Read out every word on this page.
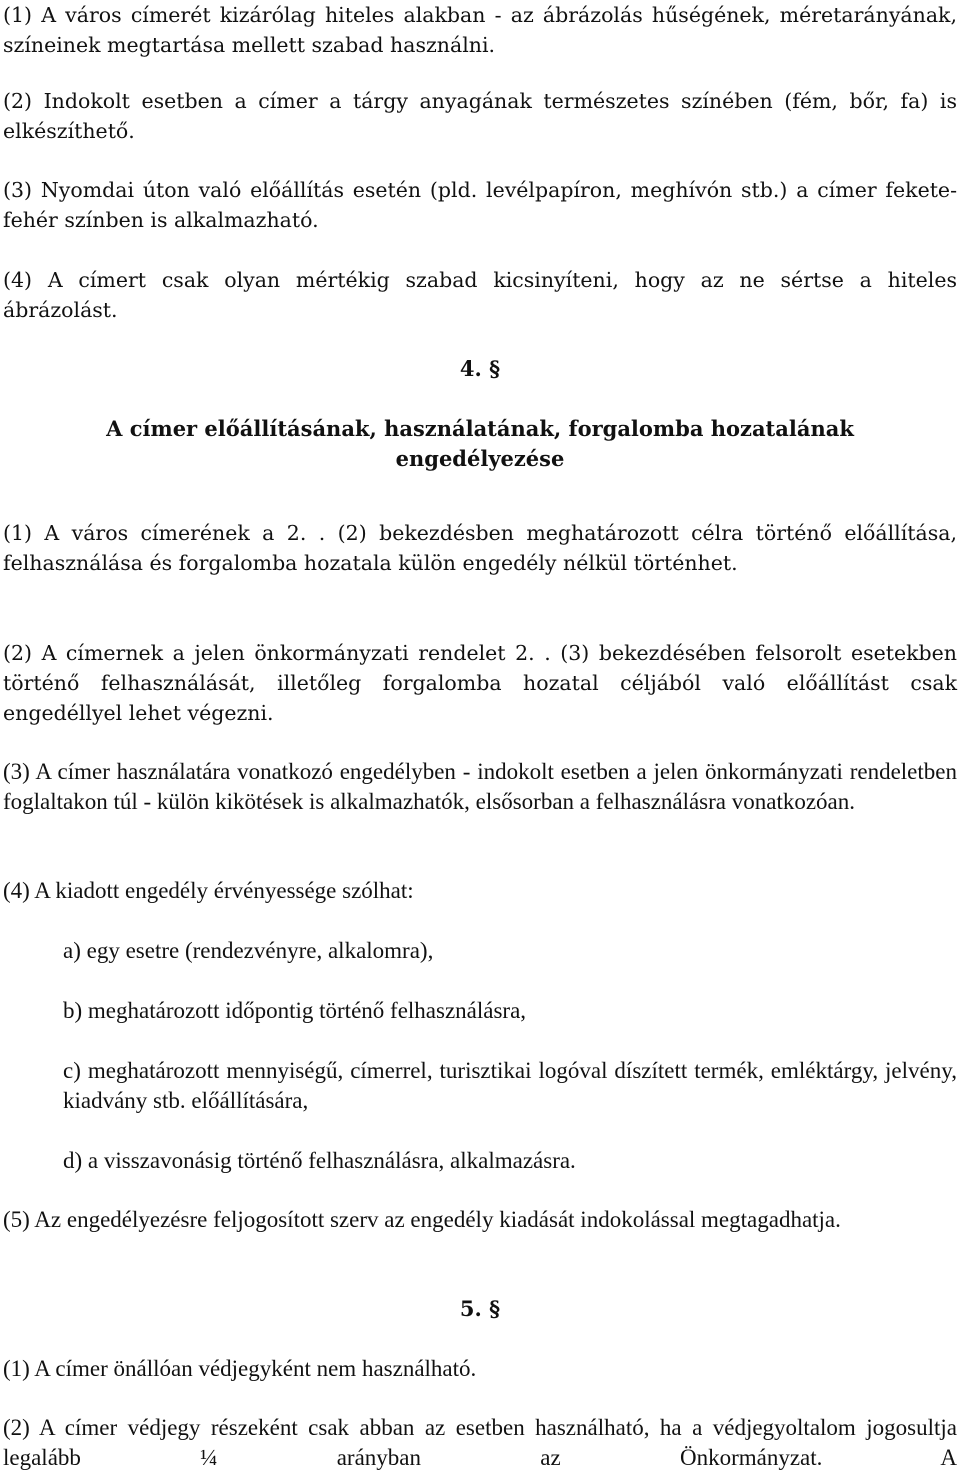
(1) A város címerét kizárólag hiteles alakban - az ábrázolás hűségének, méretarányának, színeinek megtartása mellett szabad használni.

(2) Indokolt esetben a címer a tárgy anyagának természetes színében (fém, bőr, fa) is elkészíthető.

(3) Nyomdai úton való előállítás esetén (pld. levélpapíron, meghívón stb.) a címer fekete-fehér színben is alkalmazható.

(4) A címert csak olyan mértékig szabad kicsinyíteni, hogy az ne sértse a hiteles ábrázolást.

4. §

A címer előállításának, használatának, forgalomba hozatalának engedélyezése

(1) A város címerének a 2. . (2) bekezdésben meghatározott célra történő előállítása, felhasználása és forgalomba hozatala külön engedély nélkül történhet.

(2) A címernek a jelen önkormányzati rendelet 2. . (3) bekezdésében felsorolt esetekben történő felhasználását, illetőleg forgalomba hozatal céljából való előállítást csak engedéllyel lehet végezni.

(3) A címer használatára vonatkozó engedélyben - indokolt esetben a jelen önkormányzati rendeletben foglaltakon túl - külön kikötések is alkalmazhatók, elsősorban a felhasználásra vonatkozóan.

(4) A kiadott engedély érvényessége szólhat:

a) egy esetre (rendezvényre, alkalomra),

b) meghatározott időpontig történő felhasználásra,

c) meghatározott mennyiségű, címerrel, turisztikai logóval díszített termék, emléktárgy, jelvény, kiadvány stb. előállítására,

d) a visszavonásig történő felhasználásra, alkalmazásra.

(5) Az engedélyezésre feljogosított szerv az engedély kiadását indokolással megtagadhatja.

5. §

(1) A címer önállóan védjegyként nem használható.

(2) A címer védjegy részeként csak abban az esetben használható, ha a védjegyoltalom jogosultja legalább ¼ arányban az Önkormányzat. A
